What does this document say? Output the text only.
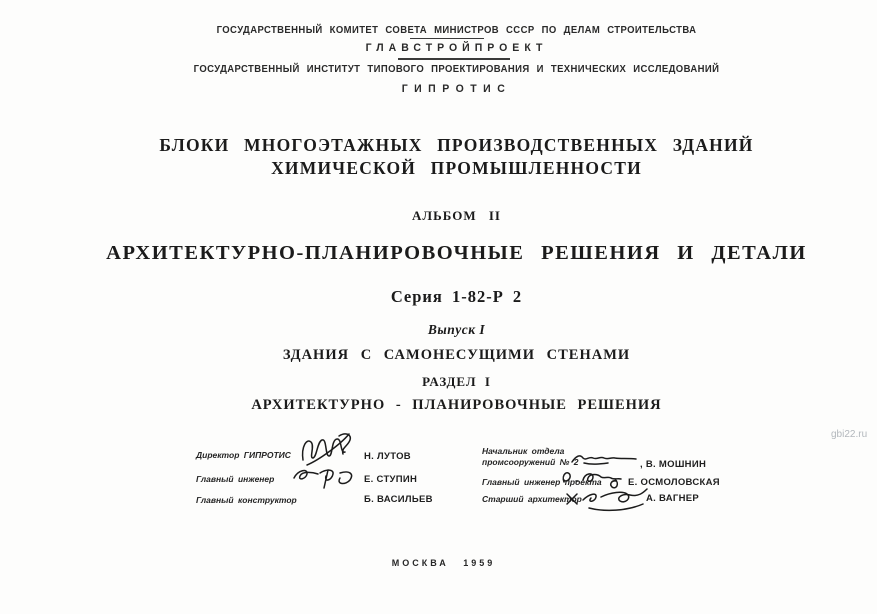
ГОСУДАРСТВЕННЫЙ КОМИТЕТ СОВЕТА МИНИСТРОВ СССР ПО ДЕЛАМ СТРОИТЕЛЬСТВА
ГЛАВСТРОЙПРОЕКТ
ГОСУДАРСТВЕННЫЙ ИНСТИТУТ ТИПОВОГО ПРОЕКТИРОВАНИЯ И ТЕХНИЧЕСКИХ ИССЛЕДОВАНИЙ
ГИПРОТИС
БЛОКИ МНОГОЭТАЖНЫХ ПРОИЗВОДСТВЕННЫХ ЗДАНИЙ
ХИМИЧЕСКОЙ ПРОМЫШЛЕННОСТИ
АЛЬБОМ II
АРХИТЕКТУРНО-ПЛАНИРОВОЧНЫЕ РЕШЕНИЯ И ДЕТАЛИ
Серия 1-82-Р 2
Выпуск I
ЗДАНИЯ С САМОНЕСУЩИМИ СТЕНАМИ
РАЗДЕЛ I
АРХИТЕКТУРНО - ПЛАНИРОВОЧНЫЕ РЕШЕНИЯ
Директор ГИПРОТИС	Н. ЛУТОВ
Главный инженер	Е. СТУПИН
Главный конструктор	Б. ВАСИЛЬЕВ
Начальник отдела промсооружений № 2	, В. МОШНИН
Главный инженер проекта	Е. ОСМОЛОВСКАЯ
Старший архитектор	А. ВАГНЕР
МОСКВА 1959
gbi22.ru
